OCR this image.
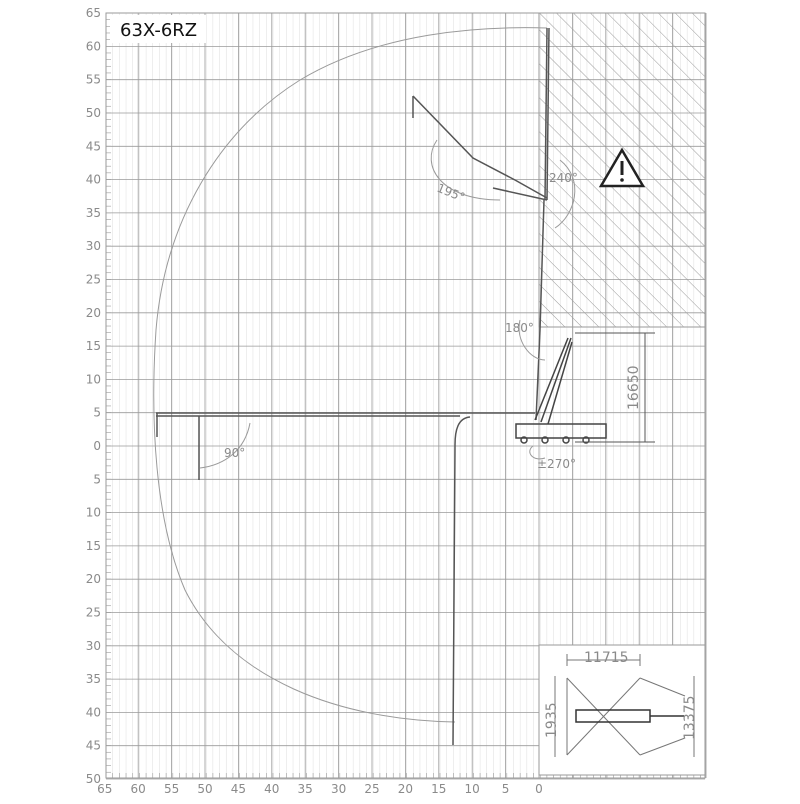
63X-6RZ
240°
195°
180°
90°
±270°
16650
11715
1935	13375
65
60
55
50
45
40
35
30
25
20
15
10
5
0
5
10
15
20
25
30
35
40
45
50
65 60 55 50 45 40 35 30 25 20 15 10 5 0
